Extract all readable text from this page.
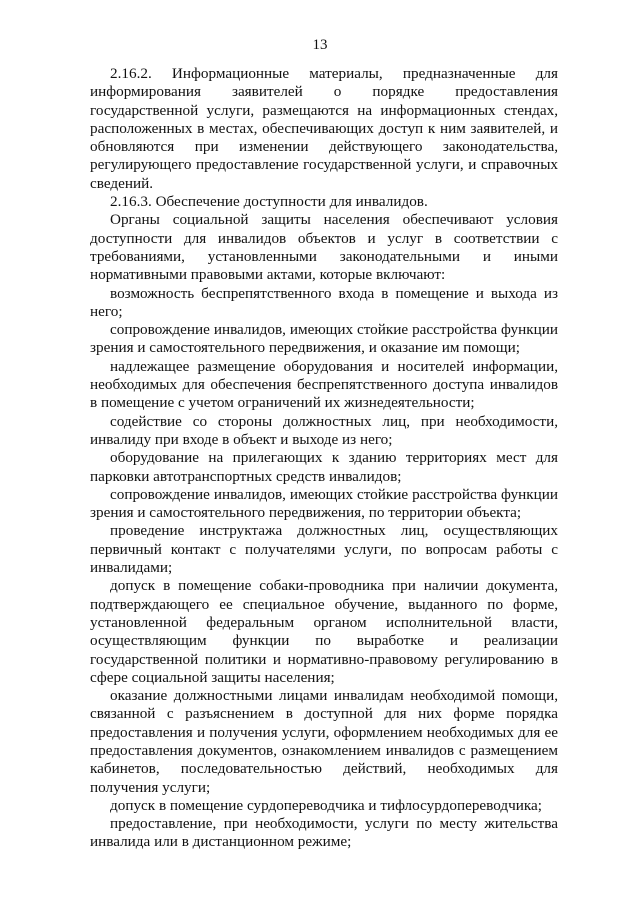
13

2.16.2. Информационные материалы, предназначенные для информирования заявителей о порядке предоставления государственной услуги, размещаются на информационных стендах, расположенных в местах, обеспечивающих доступ к ним заявителей, и обновляются при изменении действующего законодательства, регулирующего предоставление государственной услуги, и справочных сведений.

2.16.3. Обеспечение доступности для инвалидов.

Органы социальной защиты населения обеспечивают условия доступности для инвалидов объектов и услуг в соответствии с требованиями, установленными законодательными и иными нормативными правовыми актами, которые включают:

возможность беспрепятственного входа в помещение и выхода из него;

сопровождение инвалидов, имеющих стойкие расстройства функции зрения и самостоятельного передвижения, и оказание им помощи;

надлежащее размещение оборудования и носителей информации, необходимых для обеспечения беспрепятственного доступа инвалидов в помещение с учетом ограничений их жизнедеятельности;

содействие со стороны должностных лиц, при необходимости, инвалиду при входе в объект и выходе из него;

оборудование на прилегающих к зданию территориях мест для парковки автотранспортных средств инвалидов;

сопровождение инвалидов, имеющих стойкие расстройства функции зрения и самостоятельного передвижения, по территории объекта;

проведение инструктажа должностных лиц, осуществляющих первичный контакт с получателями услуги, по вопросам работы с инвалидами;

допуск в помещение собаки-проводника при наличии документа, подтверждающего ее специальное обучение, выданного по форме, установленной федеральным органом исполнительной власти, осуществляющим функции по выработке и реализации государственной политики и нормативно-правовому регулированию в сфере социальной защиты населения;

оказание должностными лицами инвалидам необходимой помощи, связанной с разъяснением в доступной для них форме порядка предоставления и получения услуги, оформлением необходимых для ее предоставления документов, ознакомлением инвалидов с размещением кабинетов, последовательностью действий, необходимых для получения услуги;

допуск в помещение сурдопереводчика и тифлосурдопереводчика;

предоставление, при необходимости, услуги по месту жительства инвалида или в дистанционном режиме;
